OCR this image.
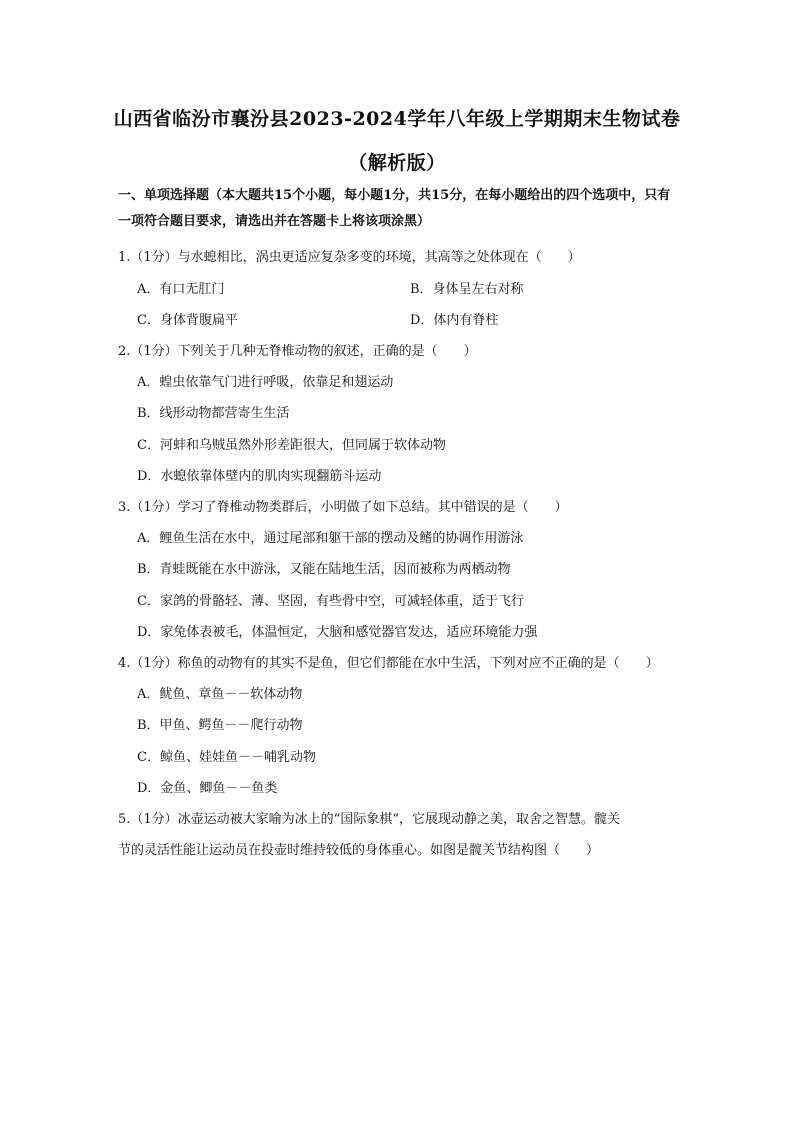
山西省临汾市襄汾县2023-2024学年八年级上学期期末生物试卷
（解析版）
一、单项选择题（本大题共15个小题，每小题1分，共15分，在每小题给出的四个选项中，只有一项符合题目要求，请选出并在答题卡上将该项涂黑）
1.（1分）与水螅相比，涡虫更适应复杂多变的环境，其高等之处体现在（　　）
A．有口无肛门	B．身体呈左右对称
C．身体背腹扁平	D．体内有脊柱
2.（1分）下列关于几种无脊椎动物的叙述，正确的是（　　）
A．蝗虫依靠气门进行呼吸，依靠足和翅运动
B．线形动物都营寄生生活
C．河蚌和乌贼虽然外形差距很大，但同属于软体动物
D．水螅依靠体壁内的肌肉实现翻筋斗运动
3.（1分）学习了脊椎动物类群后，小明做了如下总结。其中错误的是（　　）
A．鲤鱼生活在水中，通过尾部和躯干部的摆动及鳍的协调作用游泳
B．青蛙既能在水中游泳，又能在陆地生活，因而被称为两栖动物
C．家鸽的骨骼轻、薄、坚固，有些骨中空，可减轻体重，适于飞行
D．家兔体表被毛，体温恒定，大脑和感觉器官发达，适应环境能力强
4.（1分）称鱼的动物有的其实不是鱼，但它们都能在水中生活，下列对应不正确的是（　　）
A．鱿鱼、章鱼－－软体动物
B．甲鱼、鳄鱼－－爬行动物
C．鲸鱼、娃娃鱼－－哺乳动物
D．金鱼、鲫鱼－－鱼类
5.（1分）冰壶运动被大家喻为冰上的“国际象棋”，它展现动静之美，取舍之智慧。髋关
节的灵活性能让运动员在投壶时维持较低的身体重心。如图是髋关节结构图（　　）
